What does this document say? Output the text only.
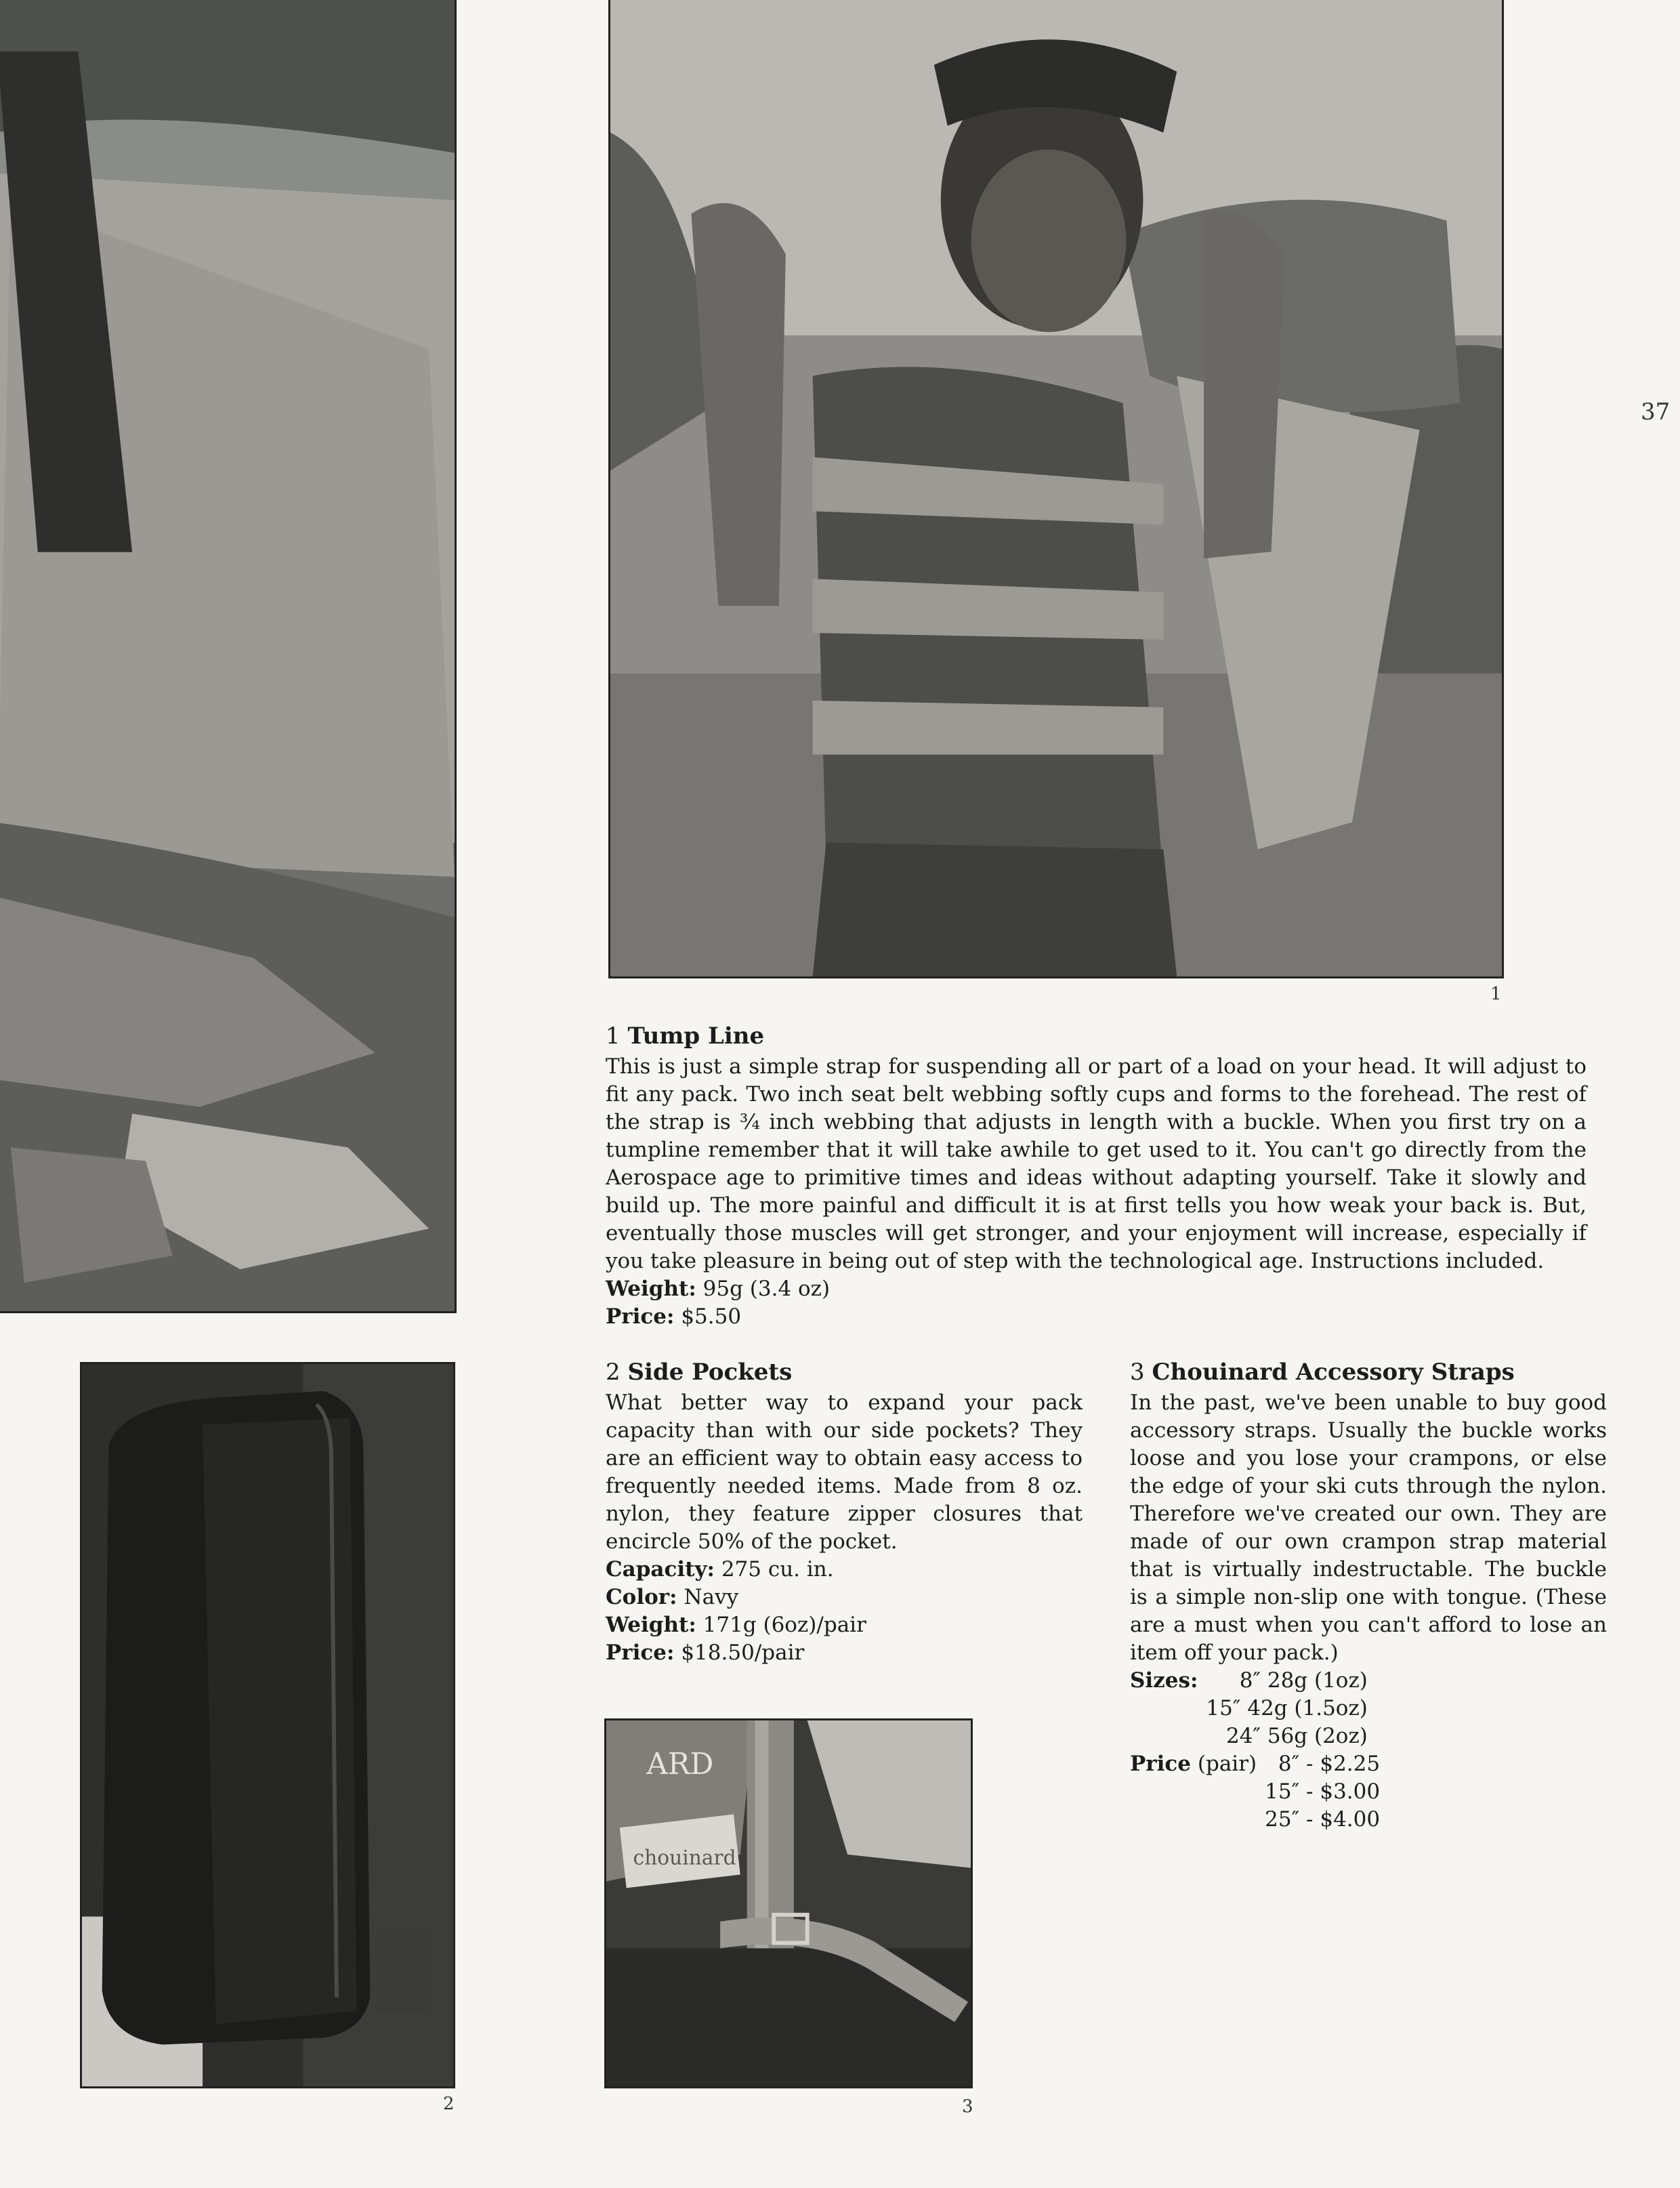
1
37
2
chouinard
ARD
3
1 Tump Line

This is just a simple strap for suspending all or part of a load on your head. It will adjust to fit any pack. Two inch seat belt webbing softly cups and forms to the forehead. The rest of the strap is ¾ inch webbing that adjusts in length with a buckle. When you first try on a tumpline remember that it will take awhile to get used to it. You can't go directly from the Aerospace age to primitive times and ideas without adapting yourself. Take it slowly and build up. The more painful and difficult it is at first tells you how weak your back is. But, eventually those muscles will get stronger, and your enjoyment will increase, especially if you take pleasure in being out of step with the technological age. Instructions included.

Weight: 95g (3.4 oz)

Price: $5.50

2 Side Pockets

What better way to expand your pack capacity than with our side pockets? They are an efficient way to obtain easy access to frequently needed items. Made from 8 oz. nylon, they feature zipper closures that encircle 50% of the pocket.

Capacity: 275 cu. in.

Color: Navy

Weight: 171g (6oz)/pair

Price: $18.50/pair

3 Chouinard Accessory Straps

In the past, we've been unable to buy good accessory straps. Usually the buckle works loose and you lose your crampons, or else the edge of your ski cuts through the nylon. Therefore we've created our own. They are made of our own crampon strap material that is virtually indestructable. The buckle is a simple non-slip one with tongue. (These are a must when you can't afford to lose an item off your pack.)

Sizes:	8″ 28g (1oz)
15″ 42g (1.5oz)
24″ 56g (2oz)
Price (pair)	8″ - $2.25
15″ - $3.00
25″ - $4.00
